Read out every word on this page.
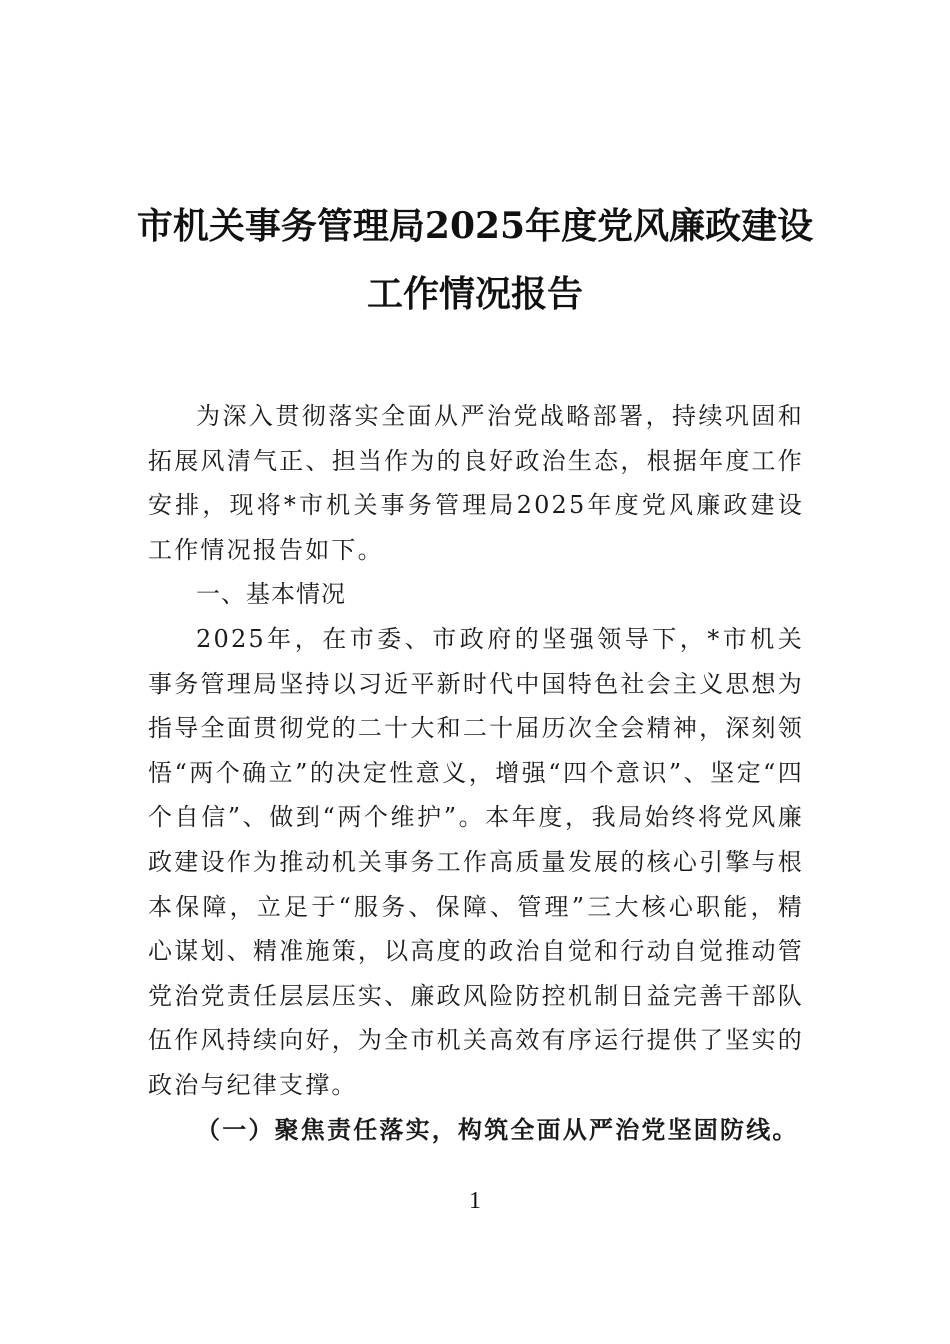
市机关事务管理局2025年度党风廉政建设
工作情况报告

为深入贯彻落实全面从严治党战略部署，持续巩固和拓展风清气正、担当作为的良好政治生态，根据年度工作安排，现将*市机关事务管理局2025年度党风廉政建设工作情况报告如下。

一、基本情况

2025年，在市委、市政府的坚强领导下，*市机关事务管理局坚持以习近平新时代中国特色社会主义思想为指导全面贯彻党的二十大和二十届历次全会精神，深刻领悟“两个确立”的决定性意义，增强“四个意识”、坚定“四个自信”、做到“两个维护”。本年度，我局始终将党风廉政建设作为推动机关事务工作高质量发展的核心引擎与根本保障，立足于“服务、保障、管理”三大核心职能，精心谋划、精准施策，以高度的政治自觉和行动自觉推动管党治党责任层层压实、廉政风险防控机制日益完善干部队伍作风持续向好，为全市机关高效有序运行提供了坚实的政治与纪律支撑。

（一）聚焦责任落实，构筑全面从严治党坚固防线。

1
